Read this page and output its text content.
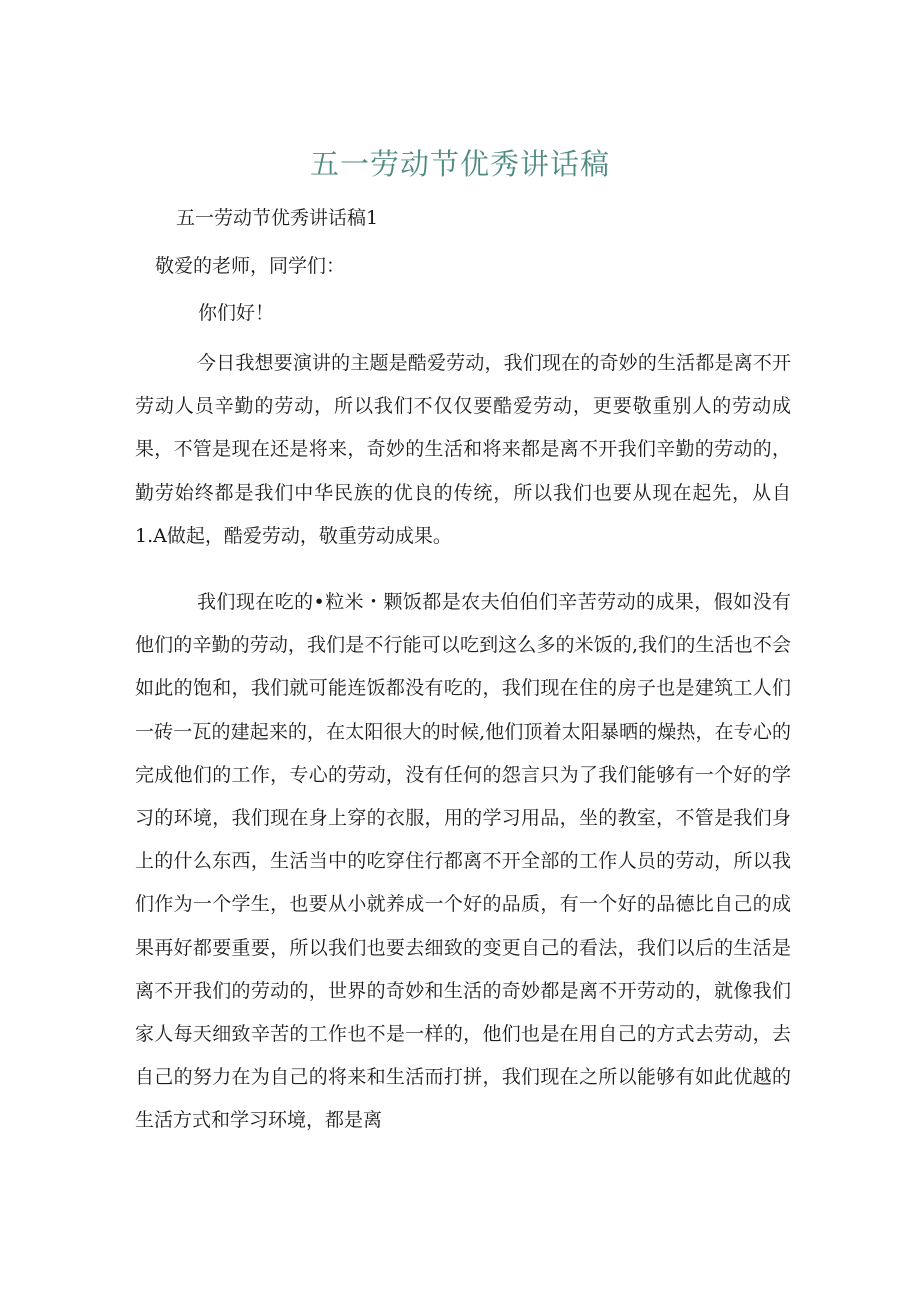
五一劳动节优秀讲话稿
五一劳动节优秀讲话稿1
敬爱的老师，同学们：
你们好！
今日我想要演讲的主题是酷爱劳动，我们现在的奇妙的生活都是离不开劳动人员辛勤的劳动，所以我们不仅仅要酷爱劳动，更要敬重别人的劳动成果，不管是现在还是将来，奇妙的生活和将来都是离不开我们辛勤的劳动的，勤劳始终都是我们中华民族的优良的传统，所以我们也要从现在起先，从自1.A做起，酷爱劳动，敬重劳动成果。
我们现在吃的•粒米・颗饭都是农夫伯伯们辛苦劳动的成果，假如没有他们的辛勤的劳动，我们是不行能可以吃到这么多的米饭的,我们的生活也不会如此的饱和，我们就可能连饭都没有吃的，我们现在住的房子也是建筑工人们一砖一瓦的建起来的，在太阳很大的时候,他们顶着太阳暴晒的燥热，在专心的完成他们的工作，专心的劳动，没有任何的怨言只为了我们能够有一个好的学习的环境，我们现在身上穿的衣服，用的学习用品，坐的教室，不管是我们身上的什么东西，生活当中的吃穿住行都离不开全部的工作人员的劳动，所以我们作为一个学生，也要从小就养成一个好的品质，有一个好的品德比自己的成果再好都要重要，所以我们也要去细致的变更自己的看法，我们以后的生活是离不开我们的劳动的，世界的奇妙和生活的奇妙都是离不开劳动的，就像我们家人每天细致辛苦的工作也不是一样的，他们也是在用自己的方式去劳动，去自己的努力在为自己的将来和生活而打拼，我们现在之所以能够有如此优越的生活方式和学习环境，都是离
